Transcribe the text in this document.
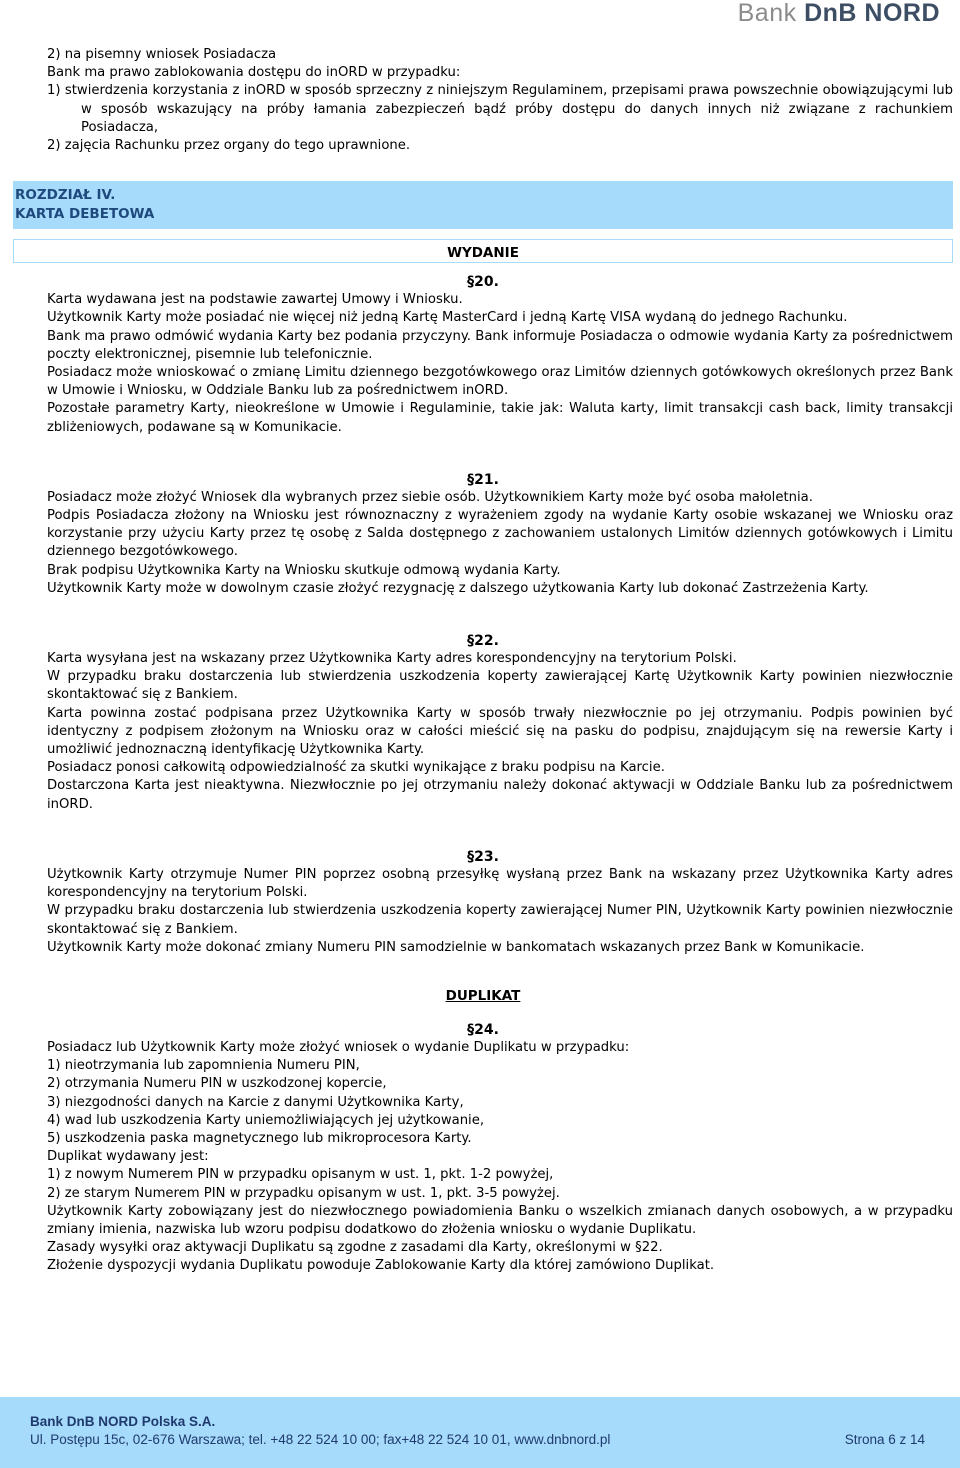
Bank DnB NORD

2) na pisemny wniosek Posiadacza

Bank ma prawo zablokowania dostępu do inORD w przypadku:

1) stwierdzenia korzystania z inORD w sposób sprzeczny z niniejszym Regulaminem, przepisami prawa powszechnie obowiązującymi lub w sposób wskazujący na próby łamania zabezpieczeń bądź próby dostępu do danych innych niż związane z rachunkiem Posiadacza,

2) zajęcia Rachunku przez organy do tego uprawnione.

ROZDZIAŁ IV.
KARTA DEBETOWA
WYDANIE
§20.

Karta wydawana jest na podstawie zawartej Umowy i Wniosku.

Użytkownik Karty może posiadać nie więcej niż jedną Kartę MasterCard i jedną Kartę VISA wydaną do jednego Rachunku.

Bank ma prawo odmówić wydania Karty bez podania przyczyny. Bank informuje Posiadacza o odmowie wydania Karty za pośrednictwem poczty elektronicznej, pisemnie lub telefonicznie.

Posiadacz może wnioskować o zmianę Limitu dziennego bezgotówkowego oraz Limitów dziennych gotówkowych określonych przez Bank w Umowie i Wniosku, w Oddziale Banku lub za pośrednictwem inORD.

Pozostałe parametry Karty, nieokreślone w Umowie i Regulaminie, takie jak: Waluta karty, limit transakcji cash back, limity transakcji zbliżeniowych, podawane są w Komunikacie.

§21.

Posiadacz może złożyć Wniosek dla wybranych przez siebie osób. Użytkownikiem Karty może być osoba małoletnia.

Podpis Posiadacza złożony na Wniosku jest równoznaczny z wyrażeniem zgody na wydanie Karty osobie wskazanej we Wniosku oraz korzystanie przy użyciu Karty przez tę osobę z Salda dostępnego z zachowaniem ustalonych Limitów dziennych gotówkowych i Limitu dziennego bezgotówkowego.

Brak podpisu Użytkownika Karty na Wniosku skutkuje odmową wydania Karty.

Użytkownik Karty może w dowolnym czasie złożyć rezygnację z dalszego użytkowania Karty lub dokonać Zastrzeżenia Karty.

§22.

Karta wysyłana jest na wskazany przez Użytkownika Karty adres korespondencyjny na terytorium Polski.

W przypadku braku dostarczenia lub stwierdzenia uszkodzenia koperty zawierającej Kartę Użytkownik Karty powinien niezwłocznie skontaktować się z Bankiem.

Karta powinna zostać podpisana przez Użytkownika Karty w sposób trwały niezwłocznie po jej otrzymaniu. Podpis powinien być identyczny z podpisem złożonym na Wniosku oraz w całości mieścić się na pasku do podpisu, znajdującym się na rewersie Karty i umożliwić jednoznaczną identyfikację Użytkownika Karty.

Posiadacz ponosi całkowitą odpowiedzialność za skutki wynikające z braku podpisu na Karcie.

Dostarczona Karta jest nieaktywna. Niezwłocznie po jej otrzymaniu należy dokonać aktywacji w Oddziale Banku lub za pośrednictwem inORD.

§23.

Użytkownik Karty otrzymuje Numer PIN poprzez osobną przesyłkę wysłaną przez Bank na wskazany przez Użytkownika Karty adres korespondencyjny na terytorium Polski.

W przypadku braku dostarczenia lub stwierdzenia uszkodzenia koperty zawierającej Numer PIN, Użytkownik Karty powinien niezwłocznie skontaktować się z Bankiem.

Użytkownik Karty może dokonać zmiany Numeru PIN samodzielnie w bankomatach wskazanych przez Bank w Komunikacie.

DUPLIKAT
§24.

Posiadacz lub Użytkownik Karty może złożyć wniosek o wydanie Duplikatu w przypadku:

1) nieotrzymania lub zapomnienia Numeru PIN,

2) otrzymania Numeru PIN w uszkodzonej kopercie,

3) niezgodności danych na Karcie z danymi Użytkownika Karty,

4) wad lub uszkodzenia Karty uniemożliwiających jej użytkowanie,

5) uszkodzenia paska magnetycznego lub mikroprocesora Karty.

Duplikat wydawany jest:

1) z nowym Numerem PIN w przypadku opisanym w ust. 1, pkt. 1-2 powyżej,

2) ze starym Numerem PIN w przypadku opisanym w ust. 1, pkt. 3-5 powyżej.

Użytkownik Karty zobowiązany jest do niezwłocznego powiadomienia Banku o wszelkich zmianach danych osobowych, a w przypadku zmiany imienia, nazwiska lub wzoru podpisu dodatkowo do złożenia wniosku o wydanie Duplikatu.

Zasady wysyłki oraz aktywacji Duplikatu są zgodne z zasadami dla Karty, określonymi w §22.

Złożenie dyspozycji wydania Duplikatu powoduje Zablokowanie Karty dla której zamówiono Duplikat.

Bank DnB NORD Polska S.A.
Ul. Postępu 15c, 02-676 Warszawa; tel. +48 22 524 10 00; fax+48 22 524 10 01, www.dnbnord.pl	Strona 6 z 14
